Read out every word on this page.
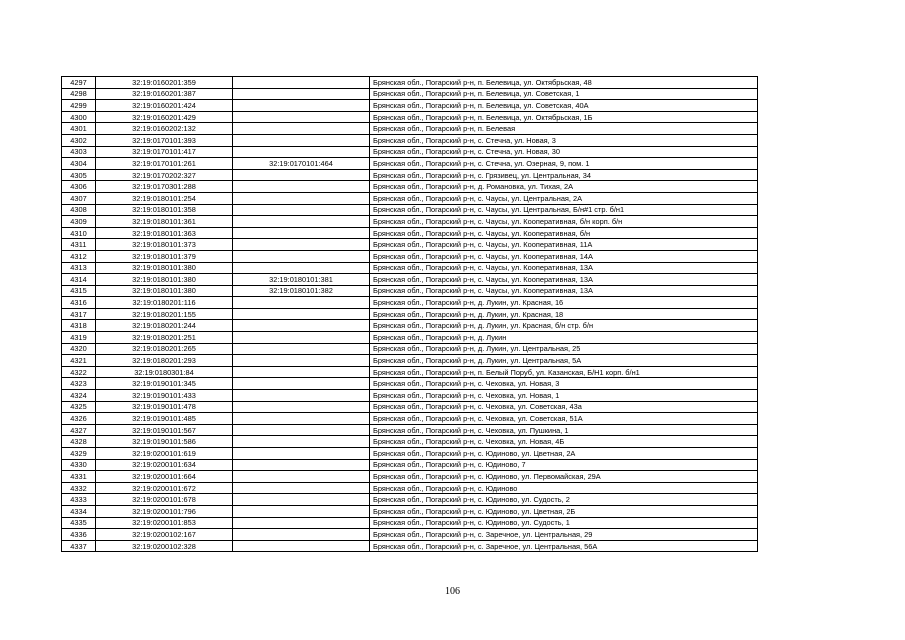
4297	32:19:0160201:359		Брянская обл., Погарский р-н, п. Белевица, ул. Октябрьская, 48
4298	32:19:0160201:387		Брянская обл., Погарский р-н, п. Белевица, ул. Советская, 1
4299	32:19:0160201:424		Брянская обл., Погарский р-н, п. Белевица, ул. Советская, 40А
4300	32:19:0160201:429		Брянская обл., Погарский р-н, п. Белевица, ул. Октябрьская, 1Б
4301	32:19:0160202:132		Брянская обл., Погарский р-н, п. Белевая
4302	32:19:0170101:393		Брянская обл., Погарский р-н, с. Стечна, ул. Новая, 3
4303	32:19:0170101:417		Брянская обл., Погарский р-н, с. Стечна, ул. Новая, 30
4304	32:19:0170101:261	32:19:0170101:464	Брянская обл., Погарский р-н, с. Стечна, ул. Озерная, 9, пом. 1
4305	32:19:0170202:327		Брянская обл., Погарский р-н, с. Грязивец, ул. Центральная, 34
4306	32:19:0170301:288		Брянская обл., Погарский р-н, д. Романовка, ул. Тихая, 2А
4307	32:19:0180101:254		Брянская обл., Погарский р-н, с. Чаусы, ул. Центральная, 2А
4308	32:19:0180101:358		Брянская обл., Погарский р-н, с. Чаусы, ул. Центральная, Б/н#1 стр. б/н1
4309	32:19:0180101:361		Брянская обл., Погарский р-н, с. Чаусы, ул. Кооперативная, б/н корп. б/н
4310	32:19:0180101:363		Брянская обл., Погарский р-н, с. Чаусы, ул. Кооперативная, б/н
4311	32:19:0180101:373		Брянская обл., Погарский р-н, с. Чаусы, ул. Кооперативная, 11А
4312	32:19:0180101:379		Брянская обл., Погарский р-н, с. Чаусы, ул. Кооперативная, 14А
4313	32:19:0180101:380		Брянская обл., Погарский р-н, с. Чаусы, ул. Кооперативная, 13А
4314	32:19:0180101:380	32:19:0180101:381	Брянская обл., Погарский р-н, с. Чаусы, ул. Кооперативная, 13А
4315	32:19:0180101:380	32:19:0180101:382	Брянская обл., Погарский р-н, с. Чаусы, ул. Кооперативная, 13А
4316	32:19:0180201:116		Брянская обл., Погарский р-н, д. Лукин, ул. Красная, 16
4317	32:19:0180201:155		Брянская обл., Погарский р-н, д. Лукин, ул. Красная, 18
4318	32:19:0180201:244		Брянская обл., Погарский р-н, д. Лукин, ул. Красная, б/н стр. б/н
4319	32:19:0180201:251		Брянская обл., Погарский р-н, д. Лукин
4320	32:19:0180201:265		Брянская обл., Погарский р-н, д. Лукин, ул. Центральная, 25
4321	32:19:0180201:293		Брянская обл., Погарский р-н, д. Лукин, ул. Центральная, 5А
4322	32:19:0180301:84		Брянская обл., Погарский р-н, п. Белый Поруб, ул. Казанская, Б/Н1 корп. б/н1
4323	32:19:0190101:345		Брянская обл., Погарский р-н, с. Чеховка, ул. Новая, 3
4324	32:19:0190101:433		Брянская обл., Погарский р-н, с. Чеховка, ул. Новая, 1
4325	32:19:0190101:478		Брянская обл., Погарский р-н, с. Чеховка, ул. Советская, 43а
4326	32:19:0190101:485		Брянская обл., Погарский р-н, с. Чеховка, ул. Советская, 51А
4327	32:19:0190101:567		Брянская обл., Погарский р-н, с. Чеховка, ул. Пушкина, 1
4328	32:19:0190101:586		Брянская обл., Погарский р-н, с. Чеховка, ул. Новая, 4Б
4329	32:19:0200101:619		Брянская обл., Погарский р-н, с. Юдиново, ул. Цветная, 2А
4330	32:19:0200101:634		Брянская обл., Погарский р-н, с. Юдиново, 7
4331	32:19:0200101:664		Брянская обл., Погарский р-н, с. Юдиново, ул. Первомайская, 29А
4332	32:19:0200101:672		Брянская обл., Погарский р-н, с. Юдиново
4333	32:19:0200101:678		Брянская обл., Погарский р-н, с. Юдиново, ул. Судость, 2
4334	32:19:0200101:796		Брянская обл., Погарский р-н, с. Юдиново, ул. Цветная, 2Б
4335	32:19:0200101:853		Брянская обл., Погарский р-н, с. Юдиново, ул. Судость, 1
4336	32:19:0200102:167		Брянская обл., Погарский р-н, с. Заречное, ул. Центральная, 29
4337	32:19:0200102:328		Брянская обл., Погарский р-н, с. Заречное, ул. Центральная, 56А
106
